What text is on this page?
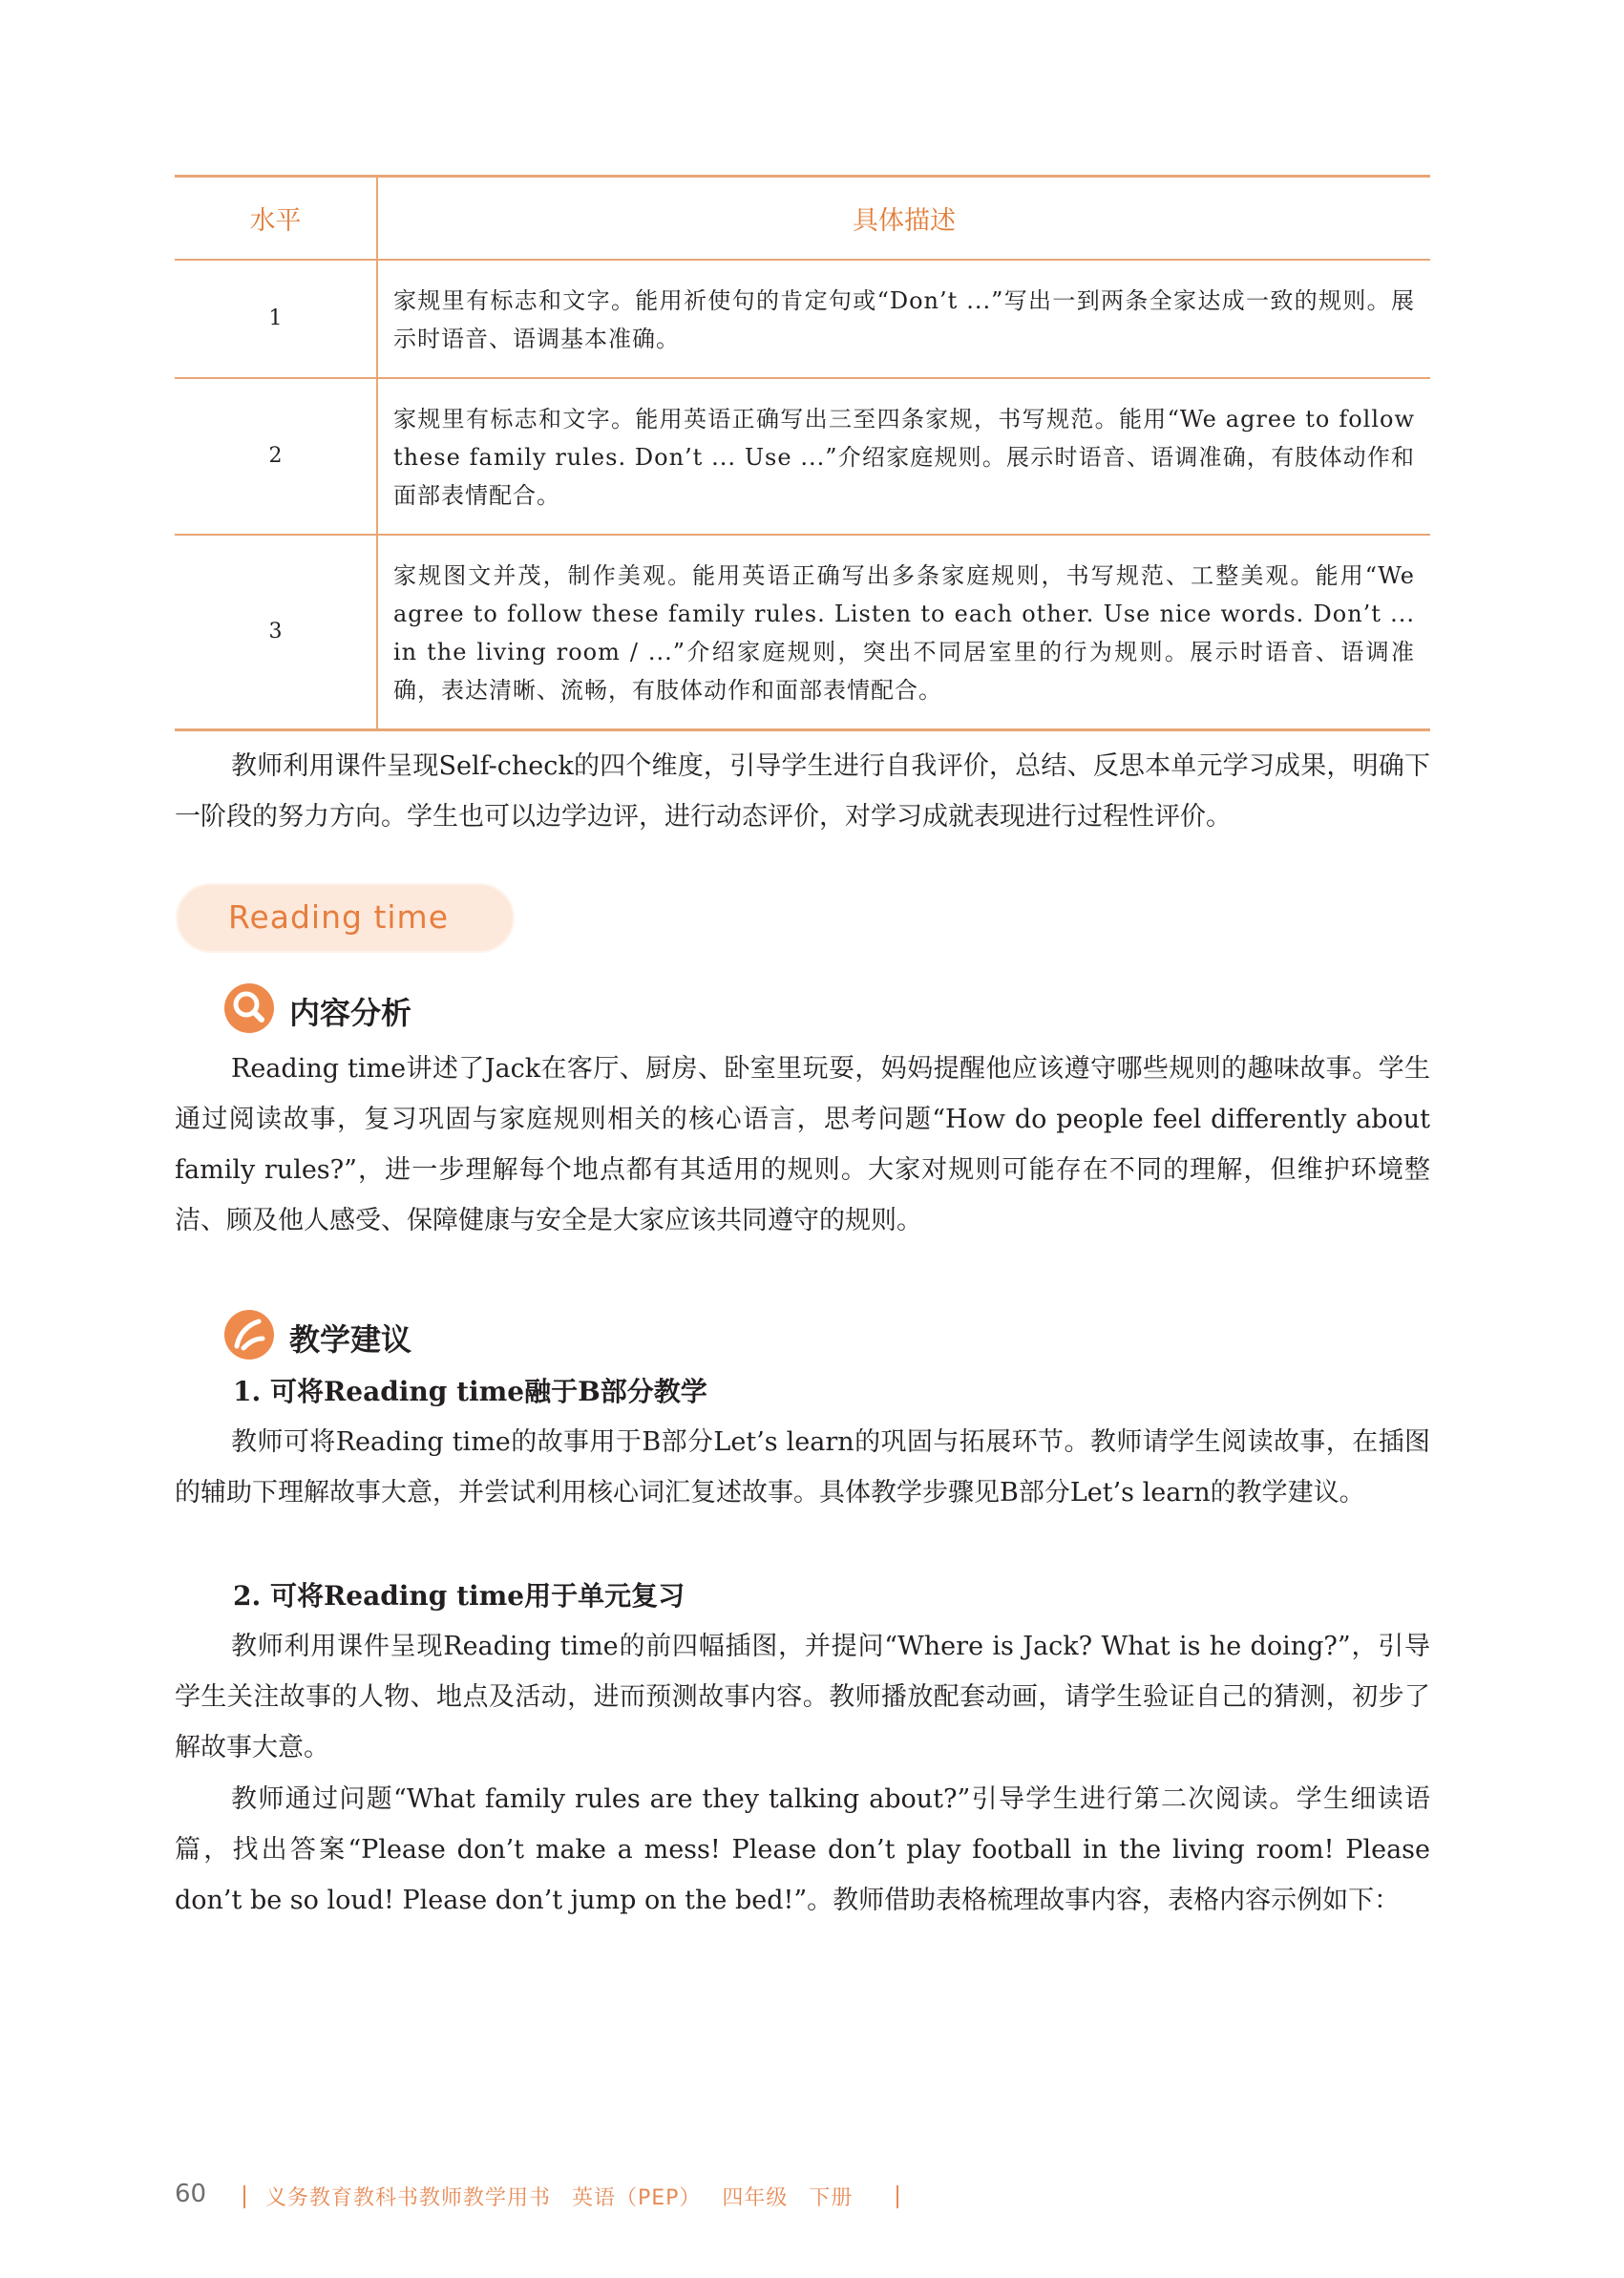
水平	具体描述
1	家规里有标志和文字。能用祈使句的肯定句或“Don’t ...”写出一到两条全家达成一致的规则。展示时语音、语调基本准确。
2	家规里有标志和文字。能用英语正确写出三至四条家规，书写规范。能用“We agree to follow these family rules. Don’t ... Use ...”介绍家庭规则。展示时语音、语调准确，有肢体动作和面部表情配合。
3	家规图文并茂，制作美观。能用英语正确写出多条家庭规则，书写规范、工整美观。能用“We agree to follow these family rules. Listen to each other. Use nice words. Don’t ... in the living room / ...”介绍家庭规则，突出不同居室里的行为规则。展示时语音、语调准确，表达清晰、流畅，有肢体动作和面部表情配合。

教师利用课件呈现Self-check的四个维度，引导学生进行自我评价，总结、反思本单元学习成果，明确下一阶段的努力方向。学生也可以边学边评，进行动态评价，对学习成就表现进行过程性评价。

Reading time
内容分析

Reading time讲述了Jack在客厅、厨房、卧室里玩耍，妈妈提醒他应该遵守哪些规则的趣味故事。学生通过阅读故事，复习巩固与家庭规则相关的核心语言，思考问题“How do people feel differently about family rules?”，进一步理解每个地点都有其适用的规则。大家对规则可能存在不同的理解，但维护环境整洁、顾及他人感受、保障健康与安全是大家应该共同遵守的规则。

教学建议

1. 可将Reading time融于B部分教学

教师可将Reading time的故事用于B部分Let’s learn的巩固与拓展环节。教师请学生阅读故事，在插图的辅助下理解故事大意，并尝试利用核心词汇复述故事。具体教学步骤见B部分Let’s learn的教学建议。

2. 可将Reading time用于单元复习

教师利用课件呈现Reading time的前四幅插图，并提问“Where is Jack? What is he doing?”，引导学生关注故事的人物、地点及活动，进而预测故事内容。教师播放配套动画，请学生验证自己的猜测，初步了解故事大意。

教师通过问题“What family rules are they talking about?”引导学生进行第二次阅读。学生细读语篇，找出答案“Please don’t make a mess! Please don’t play football in the living room! Please don’t be so loud! Please don’t jump on the bed!”。教师借助表格梳理故事内容，表格内容示例如下：

60	义务教育教科书教师教学用书 英语（PEP） 四年级 下册
